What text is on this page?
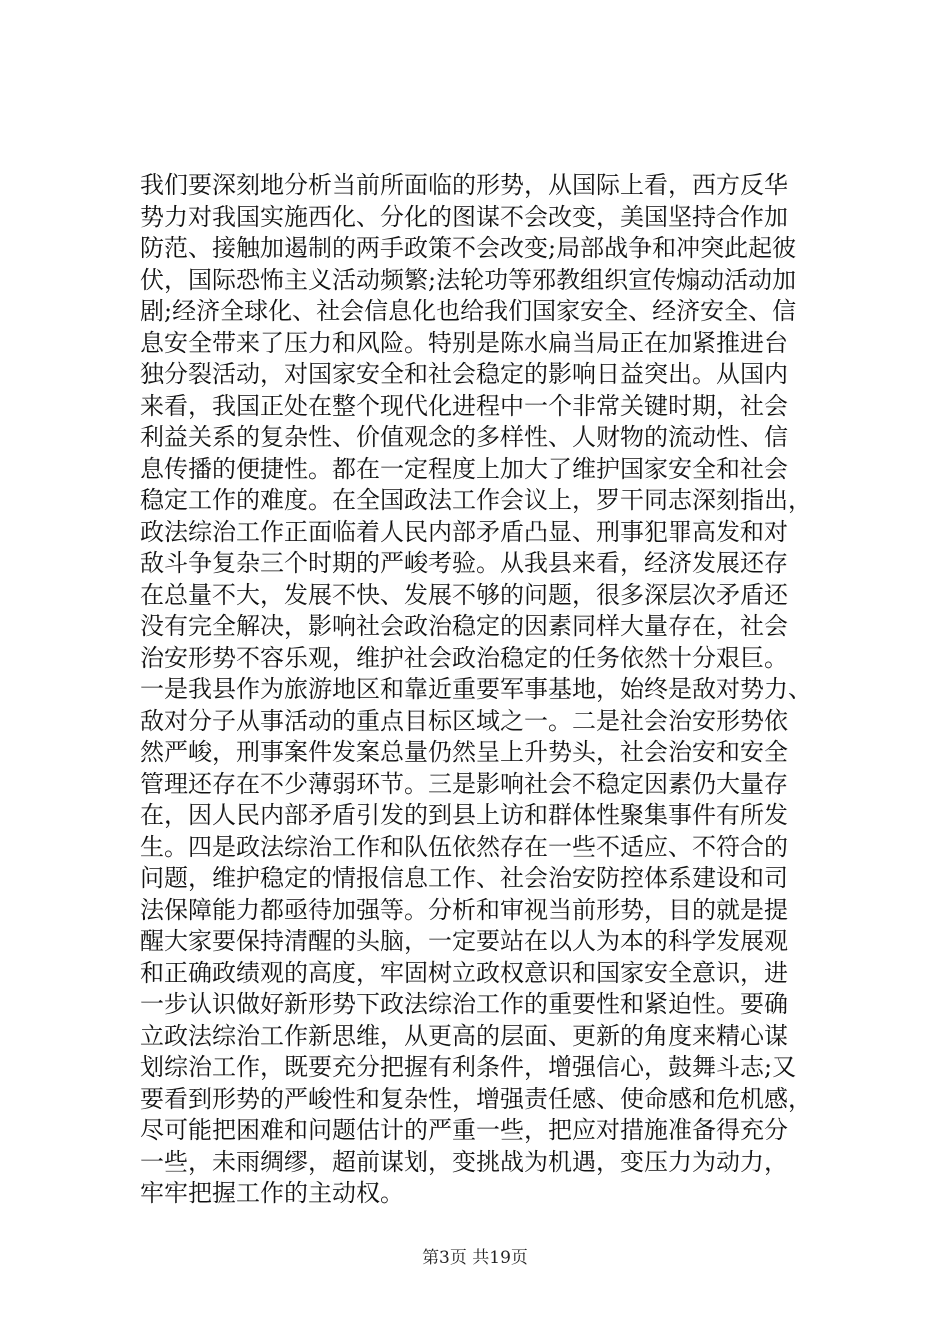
我们要深刻地分析当前所面临的形势，从国际上看，西方反华
势力对我国实施西化、分化的图谋不会改变，美国坚持合作加
防范、接触加遏制的两手政策不会改变;局部战争和冲突此起彼
伏，国际恐怖主义活动频繁;法轮功等邪教组织宣传煽动活动加
剧;经济全球化、社会信息化也给我们国家安全、经济安全、信
息安全带来了压力和风险。特别是陈水扁当局正在加紧推进台
独分裂活动，对国家安全和社会稳定的影响日益突出。从国内
来看，我国正处在整个现代化进程中一个非常关键时期，社会
利益关系的复杂性、价值观念的多样性、人财物的流动性、信
息传播的便捷性。都在一定程度上加大了维护国家安全和社会
稳定工作的难度。在全国政法工作会议上，罗干同志深刻指出，
政法综治工作正面临着人民内部矛盾凸显、刑事犯罪高发和对
敌斗争复杂三个时期的严峻考验。从我县来看，经济发展还存
在总量不大，发展不快、发展不够的问题，很多深层次矛盾还
没有完全解决，影响社会政治稳定的因素同样大量存在，社会
治安形势不容乐观，维护社会政治稳定的任务依然十分艰巨。
一是我县作为旅游地区和靠近重要军事基地，始终是敌对势力、
敌对分子从事活动的重点目标区域之一。二是社会治安形势依
然严峻，刑事案件发案总量仍然呈上升势头，社会治安和安全
管理还存在不少薄弱环节。三是影响社会不稳定因素仍大量存
在，因人民内部矛盾引发的到县上访和群体性聚集事件有所发
生。四是政法综治工作和队伍依然存在一些不适应、不符合的
问题，维护稳定的情报信息工作、社会治安防控体系建设和司
法保障能力都亟待加强等。分析和审视当前形势，目的就是提
醒大家要保持清醒的头脑，一定要站在以人为本的科学发展观
和正确政绩观的高度，牢固树立政权意识和国家安全意识，进
一步认识做好新形势下政法综治工作的重要性和紧迫性。要确
立政法综治工作新思维，从更高的层面、更新的角度来精心谋
划综治工作，既要充分把握有利条件，增强信心，鼓舞斗志;又
要看到形势的严峻性和复杂性，增强责任感、使命感和危机感，
尽可能把困难和问题估计的严重一些，把应对措施准备得充分
一些，未雨绸缪，超前谋划，变挑战为机遇，变压力为动力，
牢牢把握工作的主动权。
第3页 共19页
